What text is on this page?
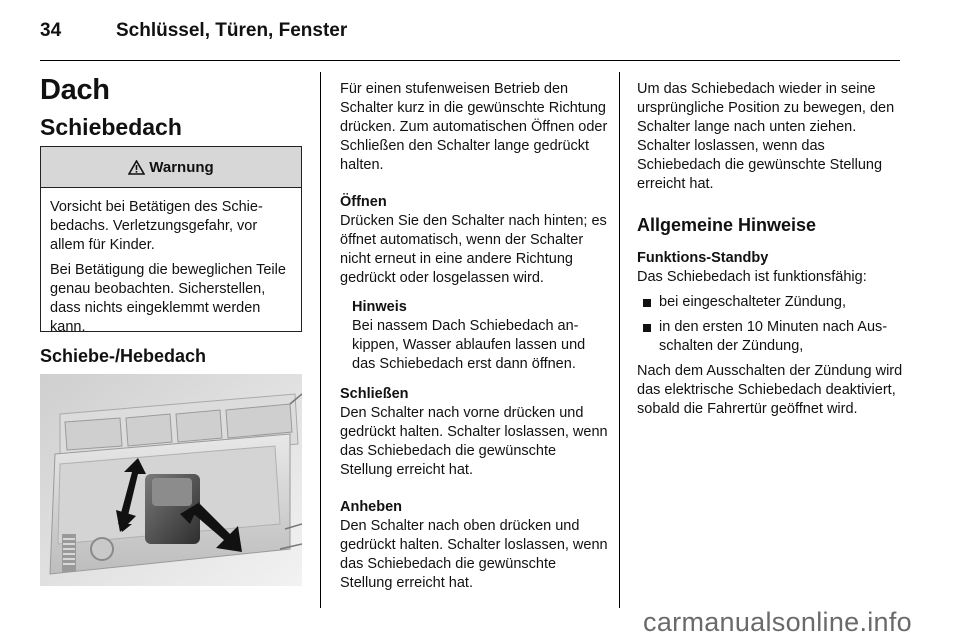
34	Schlüssel, Türen, Fenster
Dach
Schiebedach
Warnung

Vorsicht bei Betätigen des Schiebedachs. Verletzungsgefahr, vor allem für Kinder.

Bei Betätigung die beweglichen Teile genau beobachten. Sicherstellen, dass nichts eingeklemmt werden kann.

Schiebe-/Hebedach

Für einen stufenweisen Betrieb den Schalter kurz in die gewünschte Richtung drücken. Zum automatischen Öffnen oder Schließen den Schalter lange gedrückt halten.

Öffnen

Drücken Sie den Schalter nach hinten; es öffnet automatisch, wenn der Schalter nicht erneut in eine andere Richtung gedrückt oder losgelassen wird.

Hinweis

Bei nassem Dach Schiebedach ankippen, Wasser ablaufen lassen und das Schiebedach erst dann öffnen.

Schließen

Den Schalter nach vorne drücken und gedrückt halten. Schalter loslassen, wenn das Schiebedach die gewünschte Stellung erreicht hat.

Anheben

Den Schalter nach oben drücken und gedrückt halten. Schalter loslassen, wenn das Schiebedach die gewünschte Stellung erreicht hat.

Um das Schiebedach wieder in seine ursprüngliche Position zu bewegen, den Schalter lange nach unten ziehen. Schalter loslassen, wenn das Schiebedach die gewünschte Stellung erreicht hat.

Allgemeine Hinweise

Funktions-Standby

Das Schiebedach ist funktionsfähig:

bei eingeschalteter Zündung,
in den ersten 10 Minuten nach Ausschalten der Zündung,

Nach dem Ausschalten der Zündung wird das elektrische Schiebedach deaktiviert, sobald die Fahrertür geöffnet wird.

carmanualsonline.info
